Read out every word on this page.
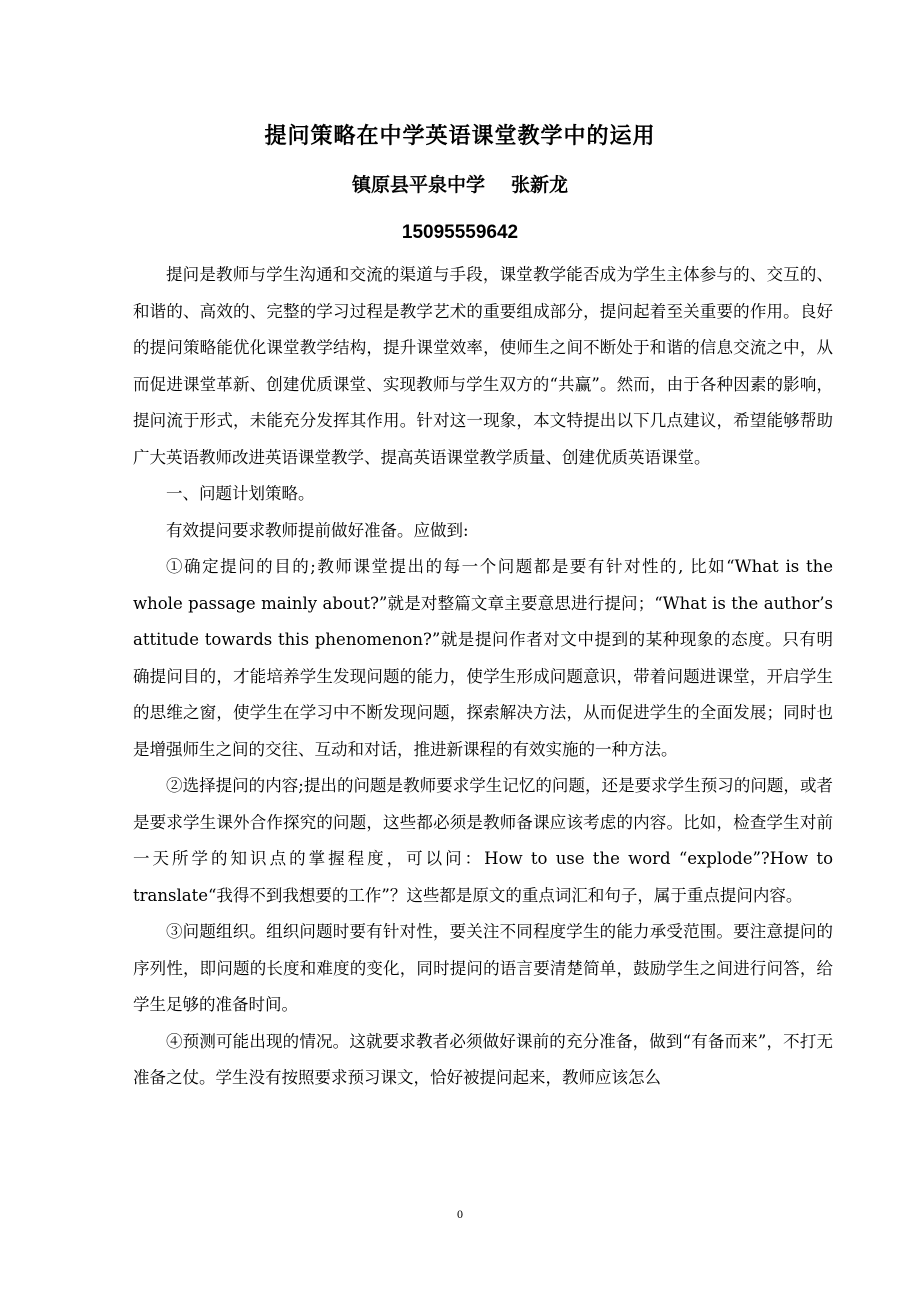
提问策略在中学英语课堂教学中的运用
镇原县平泉中学 张新龙
15095559642

提问是教师与学生沟通和交流的渠道与手段，课堂教学能否成为学生主体参与的、交互的、和谐的、高效的、完整的学习过程是教学艺术的重要组成部分，提问起着至关重要的作用。良好的提问策略能优化课堂教学结构，提升课堂效率，使师生之间不断处于和谐的信息交流之中，从而促进课堂革新、创建优质课堂、实现教师与学生双方的“共赢”。然而，由于各种因素的影响，提问流于形式，未能充分发挥其作用。针对这一现象，本文特提出以下几点建议，希望能够帮助广大英语教师改进英语课堂教学、提高英语课堂教学质量、创建优质英语课堂。

一、问题计划策略。

有效提问要求教师提前做好准备。应做到:

①确定提问的目的;教师课堂提出的每一个问题都是要有针对性的, 比如“What is the whole passage mainly about?”就是对整篇文章主要意思进行提问；“What is the author’s attitude towards this phenomenon?”就是提问作者对文中提到的某种现象的态度。只有明确提问目的，才能培养学生发现问题的能力，使学生形成问题意识，带着问题进课堂，开启学生的思维之窗，使学生在学习中不断发现问题，探索解决方法，从而促进学生的全面发展；同时也是增强师生之间的交往、互动和对话，推进新课程的有效实施的一种方法。

②选择提问的内容;提出的问题是教师要求学生记忆的问题，还是要求学生预习的问题，或者是要求学生课外合作探究的问题，这些都必须是教师备课应该考虑的内容。比如，检查学生对前一天所学的知识点的掌握程度，可以问：How to use the word “explode”?How to translate“我得不到我想要的工作”？这些都是原文的重点词汇和句子，属于重点提问内容。

③问题组织。组织问题时要有针对性，要关注不同程度学生的能力承受范围。要注意提问的序列性，即问题的长度和难度的变化，同时提问的语言要清楚简单，鼓励学生之间进行问答，给学生足够的准备时间。

④预测可能出现的情况。这就要求教者必须做好课前的充分准备，做到“有备而来”，不打无准备之仗。学生没有按照要求预习课文，恰好被提问起来，教师应该怎么

0
